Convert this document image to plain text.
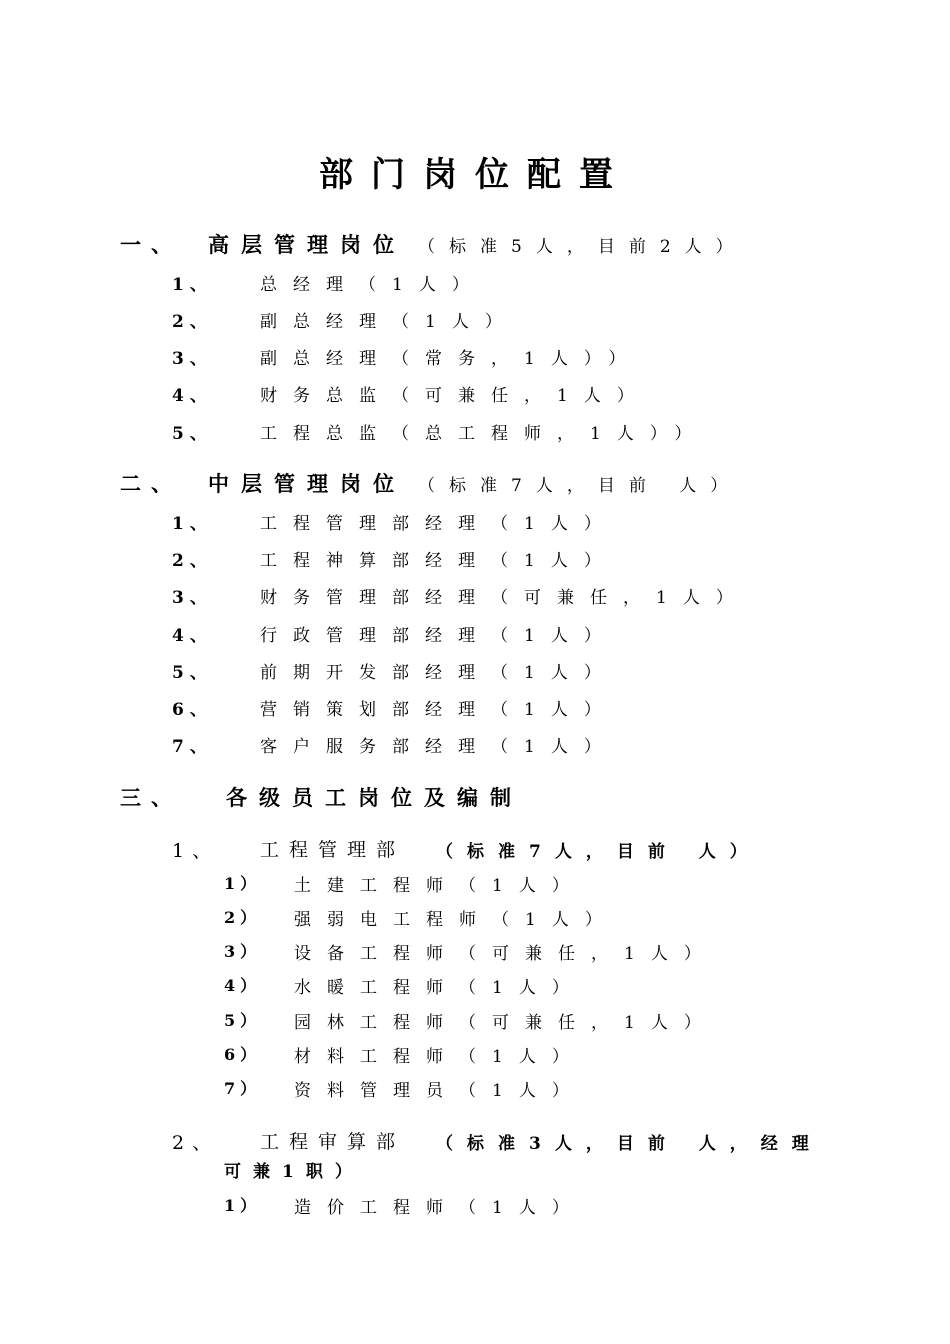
部门岗位配置
一、 高层管理岗位 （标准5人，目前2人）
1、	总经理（1人）
2、	副总经理（1人）
3、	副总经理（常务，1人））
4、	财务总监（可兼任，1人）
5、	工程总监（总工程师，1人））
二、 中层管理岗位 （标准7人，目前 人）
1、	工程管理部经理（1人）
2、	工程神算部经理（1人）
3、	财务管理部经理（可兼任，1人）
4、	行政管理部经理（1人）
5、	前期开发部经理（1人）
6、	营销策划部经理（1人）
7、	客户服务部经理（1人）
三、 各级员工岗位及编制
1、 工程管理部 （标准7人，目前 人）
1） 土建工程师（1人）
2） 强弱电工程师（1人）
3） 设备工程师（可兼任，1人）
4） 水暖工程师（1人）
5） 园林工程师（可兼任，1人）
6） 材料工程师（1人）
7） 资料管理员（1人）
2、 工程审算部 （标准3人，目前 人，经理
可兼1职）
1） 造价工程师（1人）
